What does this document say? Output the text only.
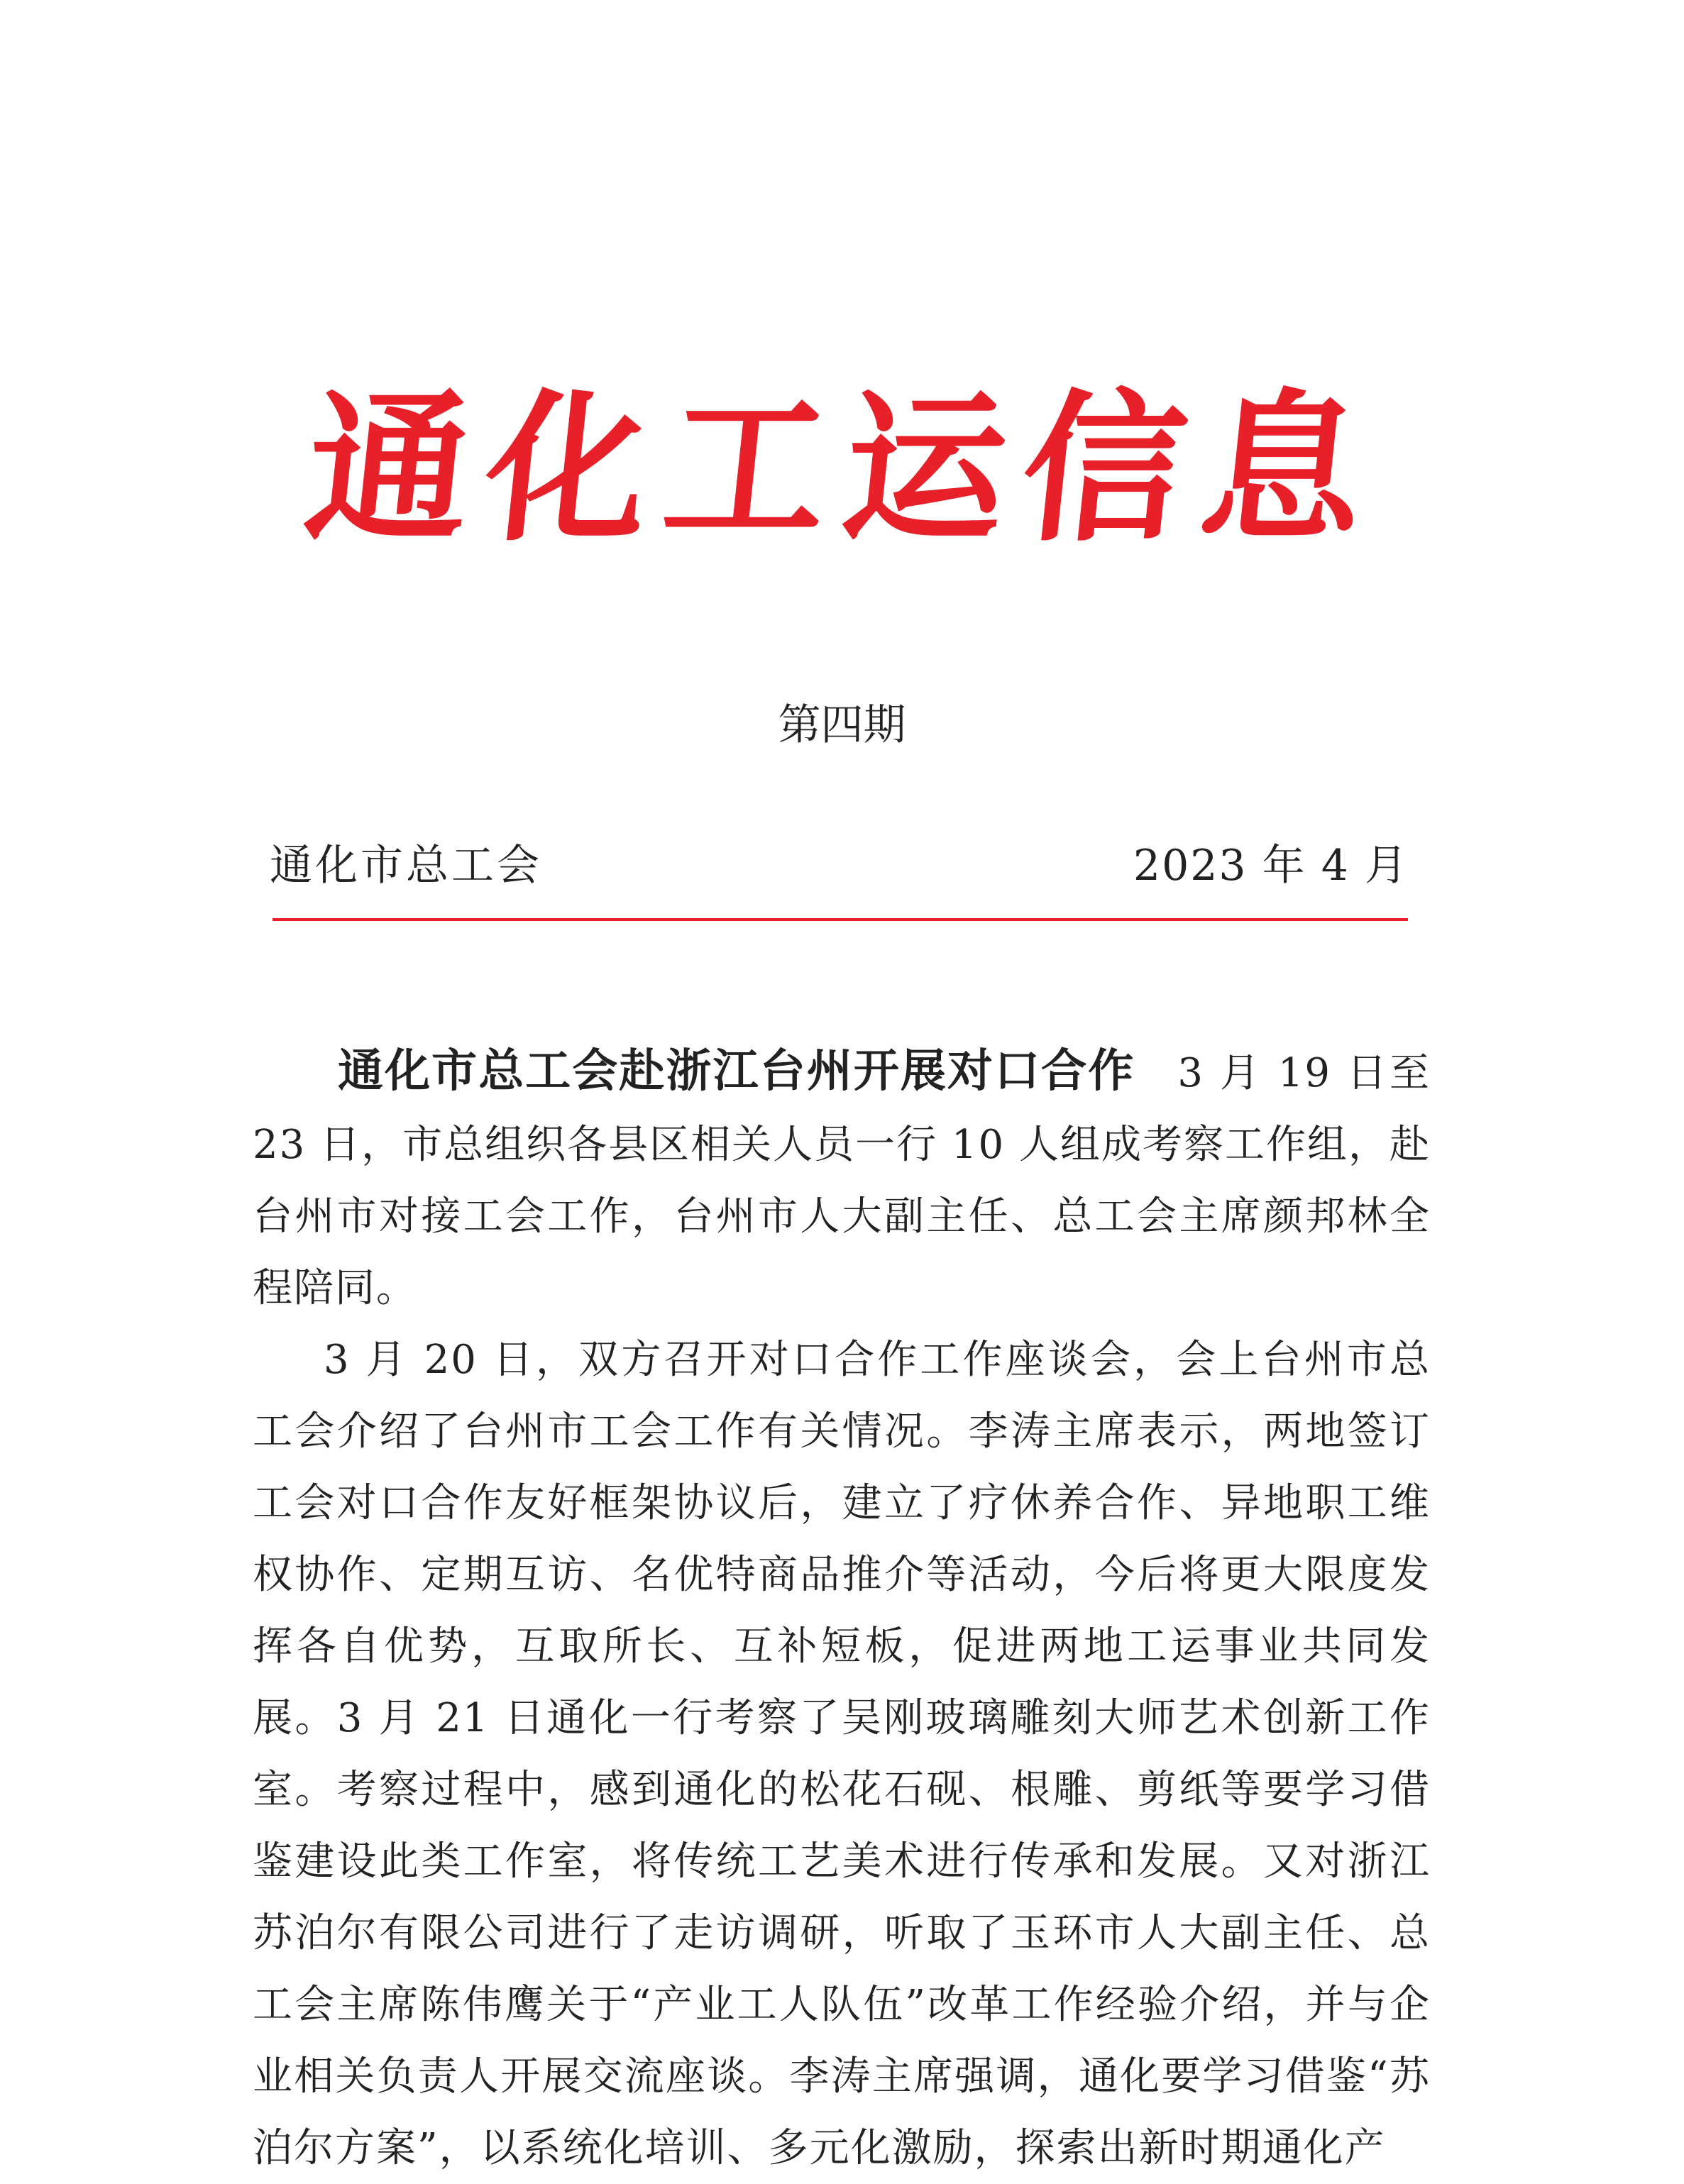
通化工运信息
第四期
通化市总工会	2023 年 4 月

通化市总工会赴浙江台州开展对口合作 3 月 19 日至 23 日，市总组织各县区相关人员一行 10 人组成考察工作组，赴台州市对接工会工作，台州市人大副主任、总工会主席颜邦林全程陪同。

3 月 20 日，双方召开对口合作工作座谈会，会上台州市总工会介绍了台州市工会工作有关情况。李涛主席表示，两地签订工会对口合作友好框架协议后，建立了疗休养合作、异地职工维权协作、定期互访、名优特商品推介等活动，今后将更大限度发挥各自优势，互取所长、互补短板，促进两地工运事业共同发展。3 月 21 日通化一行考察了吴刚玻璃雕刻大师艺术创新工作室。考察过程中，感到通化的松花石砚、根雕、剪纸等要学习借鉴建设此类工作室，将传统工艺美术进行传承和发展。又对浙江苏泊尔有限公司进行了走访调研，听取了玉环市人大副主任、总工会主席陈伟鹰关于“产业工人队伍”改革工作经验介绍，并与企业相关负责人开展交流座谈。李涛主席强调，通化要学习借鉴“苏泊尔方案”，以系统化培训、多元化激励，探索出新时期通化产
